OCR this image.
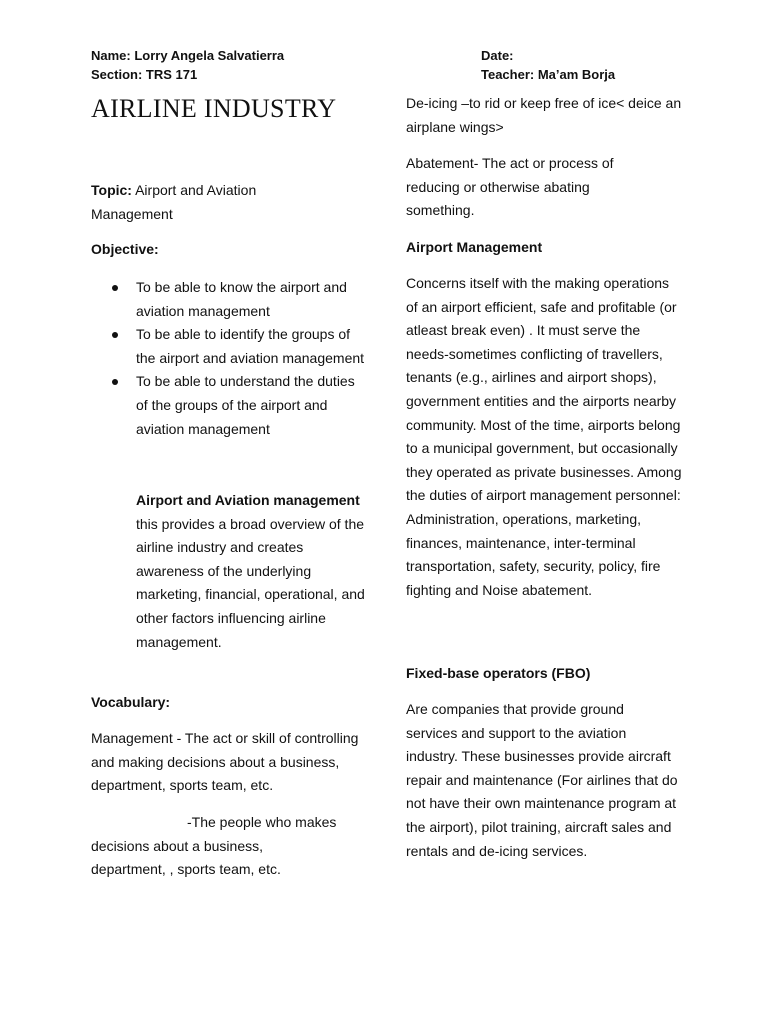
Name: Lorry Angela Salvatierra
Section: TRS 171
Date:
Teacher: Ma’am Borja
AIRLINE INDUSTRY
Topic: Airport and Aviation
Management
Objective:
To be able to know the airport and aviation management
To be able to identify the groups of the airport and aviation management
To be able to understand the duties of the groups of the airport and aviation management

Airport and Aviation management

this provides a broad overview of the airline industry and creates awareness of the underlying marketing, financial, operational, and other factors influencing airline management.

Vocabulary:
Management - The act or skill of controlling and making decisions about a business, department, sports team, etc.
-The people who makes
decisions about a business, department, , sports team, etc.
De-icing –to rid or keep free of ice< deice an airplane wings>
Abatement- The act or process of reducing or otherwise abating something.
Airport Management
Concerns itself with the making operations of an airport efficient, safe and profitable (or atleast break even) . It must serve the needs-sometimes conflicting of travellers, tenants (e.g., airlines and airport shops), government entities and the airports nearby community. Most of the time, airports belong to a municipal government, but occasionally they operated as private businesses. Among the duties of airport management personnel: Administration, operations, marketing, finances, maintenance, inter-terminal transportation, safety, security, policy, fire fighting and Noise abatement.
Fixed-base operators (FBO)
Are companies that provide ground services and support to the aviation industry. These businesses provide aircraft repair and maintenance (For airlines that do not have their own maintenance program at the airport), pilot training, aircraft sales and rentals and de-icing services.
